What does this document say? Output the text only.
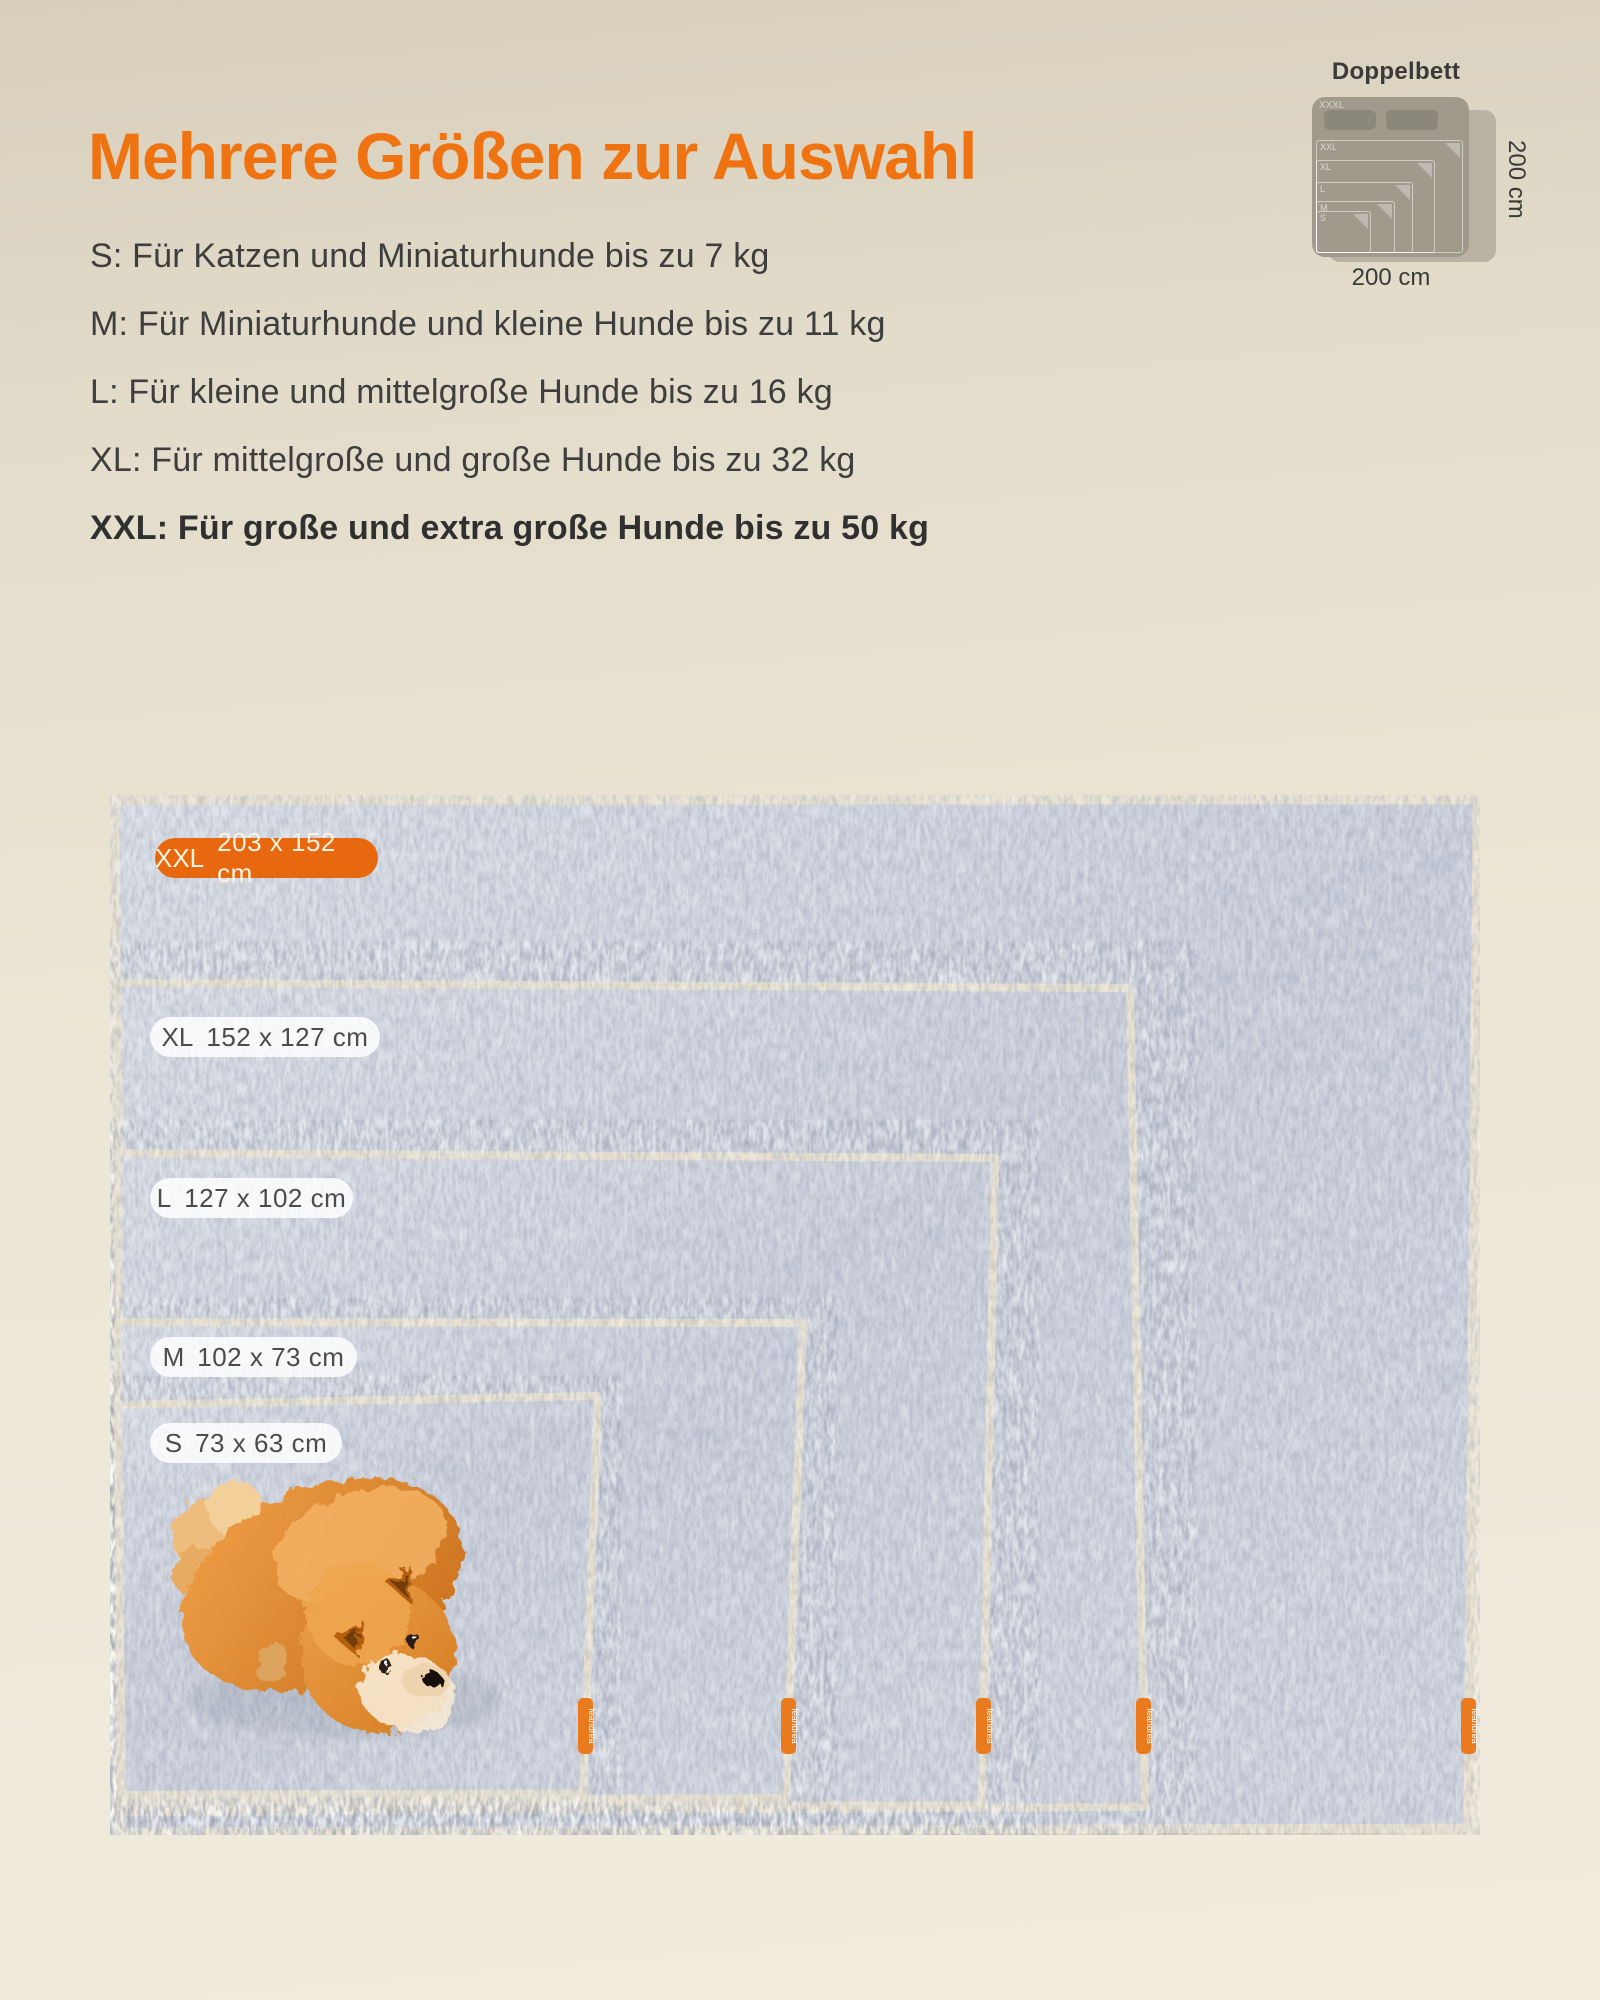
Mehrere Größen zur Auswahl

S: Für Katzen und Miniaturhunde bis zu 7 kg

M: Für Miniaturhunde und kleine Hunde bis zu 11 kg

L: Für kleine und mittelgroße Hunde bis zu 16 kg

XL: Für mittelgroße und große Hunde bis zu 32 kg

XXL: Für große und extra große Hunde bis zu 50 kg

Doppelbett
XXXL
XXL
XL
L
M
S	200 cm
200 cm
feandrea	feandrea	feandrea	feandrea	feandrea
XXL
203 x 152 cm
XL 152 x 127 cm
L 127 x 102 cm
M 102 x 73 cm
S 73 x 63 cm
